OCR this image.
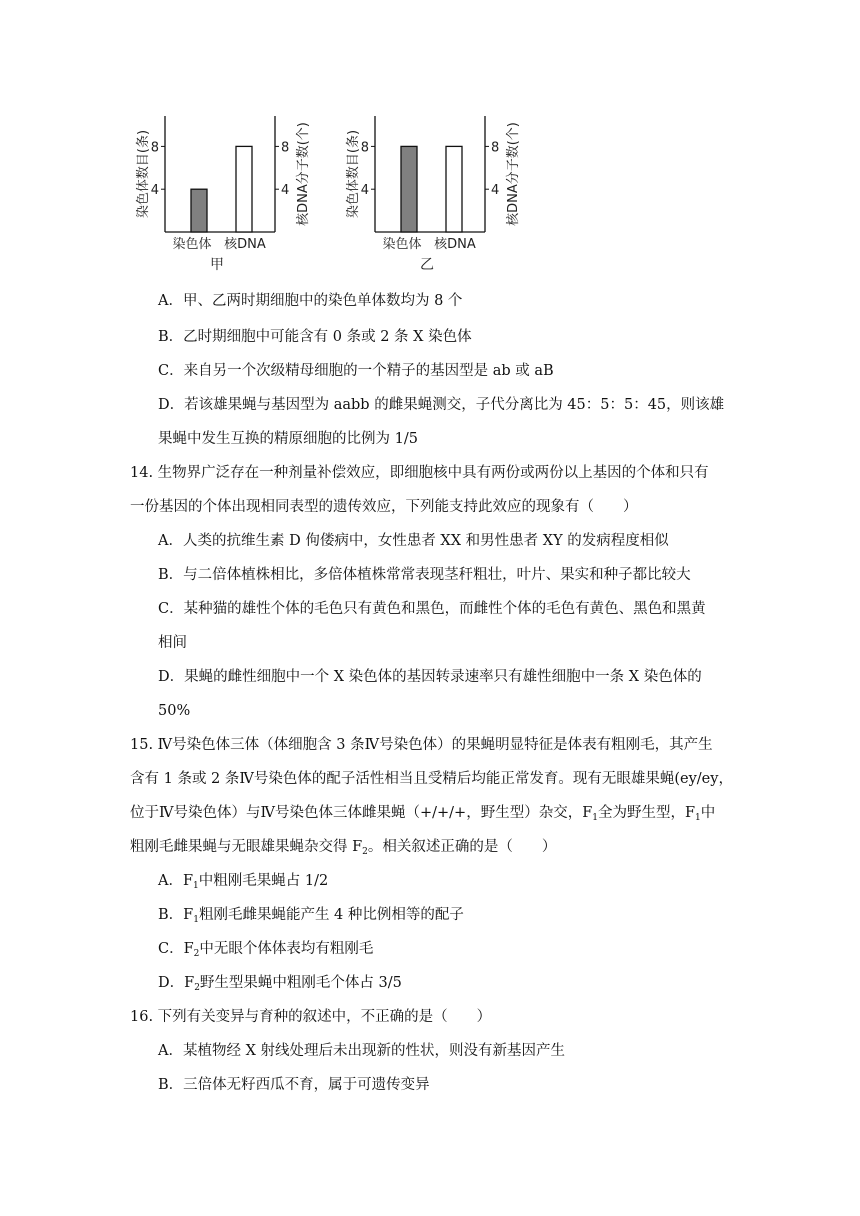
4	4
8	8
染色体 核DNA
甲
染色体数目(条)	核DNA分子数(个)	4	4
8	8
染色体 核DNA
乙
染色体数目(条)	核DNA分子数(个)
A．甲、乙两时期细胞中的染色单体数均为 8 个
B．乙时期细胞中可能含有 0 条或 2 条 X 染色体
C．来自另一个次级精母细胞的一个精子的基因型是 ab 或 aB
D．若该雄果蝇与基因型为 aabb 的雌果蝇测交，子代分离比为 45：5：5：45，则该雄
果蝇中发生互换的精原细胞的比例为 1/5
14. 生物界广泛存在一种剂量补偿效应，即细胞核中具有两份或两份以上基因的个体和只有
一份基因的个体出现相同表型的遗传效应，下列能支持此效应的现象有（　　）
A．人类的抗维生素 D 佝偻病中，女性患者 XX 和男性患者 XY 的发病程度相似
B．与二倍体植株相比，多倍体植株常常表现茎秆粗壮，叶片、果实和种子都比较大
C．某种猫的雄性个体的毛色只有黄色和黑色，而雌性个体的毛色有黄色、黑色和黑黄
相间
D．果蝇的雌性细胞中一个 X 染色体的基因转录速率只有雄性细胞中一条 X 染色体的
50%
15. Ⅳ号染色体三体（体细胞含 3 条Ⅳ号染色体）的果蝇明显特征是体表有粗刚毛，其产生
含有 1 条或 2 条Ⅳ号染色体的配子活性相当且受精后均能正常发育。现有无眼雄果蝇(ey/ey，
位于Ⅳ号染色体）与Ⅳ号染色体三体雌果蝇（+/+/+，野生型）杂交，$F_1$全为野生型，$F_1$中
粗刚毛雌果蝇与无眼雄果蝇杂交得 $F_2$。相关叙述正确的是（　　）
A．$F_1$中粗刚毛果蝇占 1/2
B．$F_1$粗刚毛雌果蝇能产生 4 种比例相等的配子
C．$F_2$中无眼个体体表均有粗刚毛
D．$F_2$野生型果蝇中粗刚毛个体占 3/5
16. 下列有关变异与育种的叙述中，不正确的是（　　）
A．某植物经 X 射线处理后未出现新的性状，则没有新基因产生
B．三倍体无籽西瓜不育，属于可遗传变异
